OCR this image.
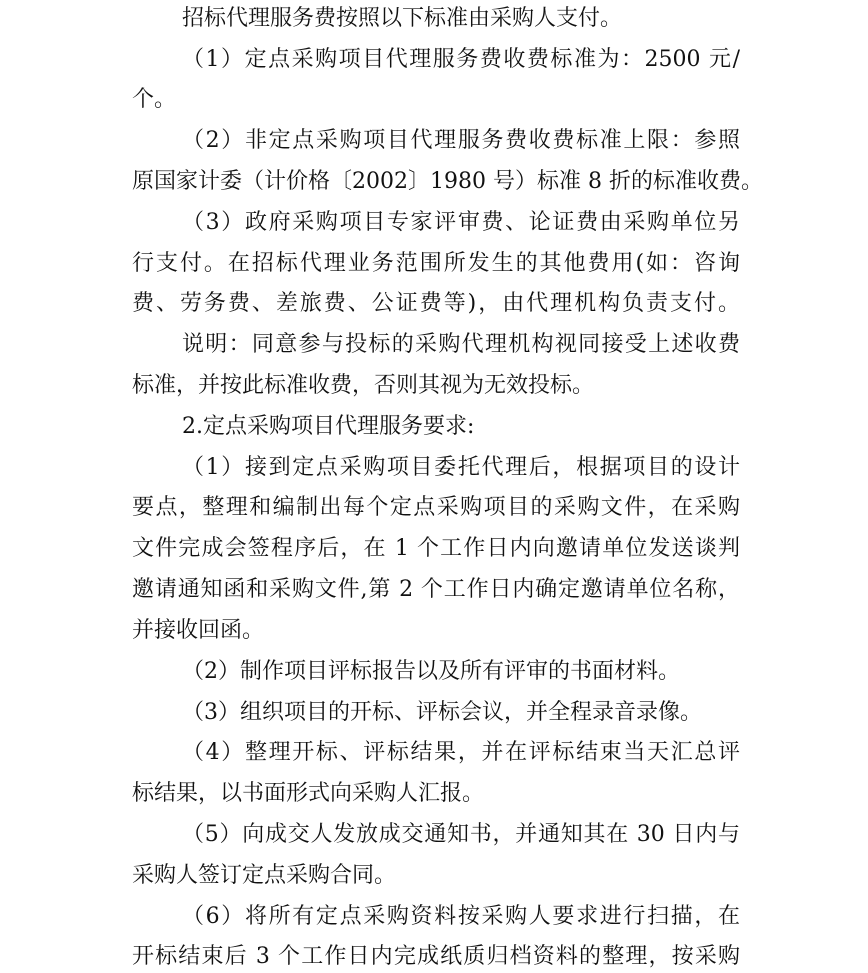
招标代理服务费按照以下标准由采购人支付。
（1）定点采购项目代理服务费收费标准为：2500 元/
个。
（2）非定点采购项目代理服务费收费标准上限：参照
原国家计委（计价格〔2002〕1980 号）标准 8 折的标准收费。
（3）政府采购项目专家评审费、论证费由采购单位另
行支付。在招标代理业务范围所发生的其他费用(如：咨询
费、劳务费、差旅费、公证费等)，由代理机构负责支付。
说明：同意参与投标的采购代理机构视同接受上述收费
标准，并按此标准收费，否则其视为无效投标。
2.定点采购项目代理服务要求:
（1）接到定点采购项目委托代理后，根据项目的设计
要点，整理和编制出每个定点采购项目的采购文件，在采购
文件完成会签程序后，在 1 个工作日内向邀请单位发送谈判
邀请通知函和采购文件,第 2 个工作日内确定邀请单位名称，
并接收回函。
（2）制作项目评标报告以及所有评审的书面材料。
（3）组织项目的开标、评标会议，并全程录音录像。
（4）整理开标、评标结果，并在评标结束当天汇总评
标结果，以书面形式向采购人汇报。
（5）向成交人发放成交通知书，并通知其在 30 日内与
采购人签订定点采购合同。
（6）将所有定点采购资料按采购人要求进行扫描，在
开标结束后 3 个工作日内完成纸质归档资料的整理，按采购
